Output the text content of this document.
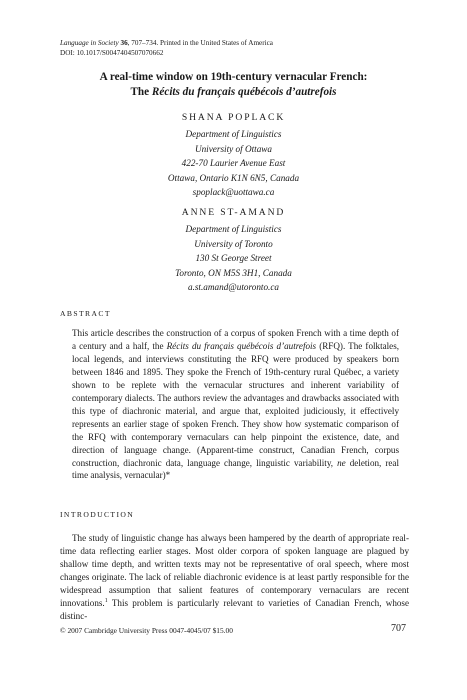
Language in Society 36, 707–734. Printed in the United States of America
DOI: 10.1017/S0047404507070662
A real-time window on 19th-century vernacular French:
The Récits du français québécois d’autrefois
SHANA POPLACK
Department of Linguistics
University of Ottawa
422-70 Laurier Avenue East
Ottawa, Ontario K1N 6N5, Canada
spoplack@uottawa.ca
ANNE ST-AMAND
Department of Linguistics
University of Toronto
130 St George Street
Toronto, ON M5S 3H1, Canada
a.st.amand@utoronto.ca
ABSTRACT
This article describes the construction of a corpus of spoken French with a time depth of a century and a half, the Récits du français québécois d’autrefois (RFQ). The folktales, local legends, and interviews constituting the RFQ were produced by speakers born between 1846 and 1895. They spoke the French of 19th-century rural Québec, a variety shown to be replete with the vernacular structures and inherent variability of contemporary dialects. The authors review the advantages and drawbacks associated with this type of diachronic material, and argue that, exploited judiciously, it effectively represents an earlier stage of spoken French. They show how systematic comparison of the RFQ with contemporary vernaculars can help pinpoint the existence, date, and direction of language change. (Apparent-time construct, Canadian French, corpus construction, diachronic data, language change, linguistic variability, ne deletion, real time analysis, vernacular)*
INTRODUCTION
The study of linguistic change has always been hampered by the dearth of appropriate real-time data reflecting earlier stages. Most older corpora of spoken language are plagued by shallow time depth, and written texts may not be representative of oral speech, where most changes originate. The lack of reliable diachronic evidence is at least partly responsible for the widespread assumption that salient features of contemporary vernaculars are recent innovations.$^1$ This problem is particularly relevant to varieties of Canadian French, whose distinc-
© 2007 Cambridge University Press 0047-4045/07 $15.00	707
